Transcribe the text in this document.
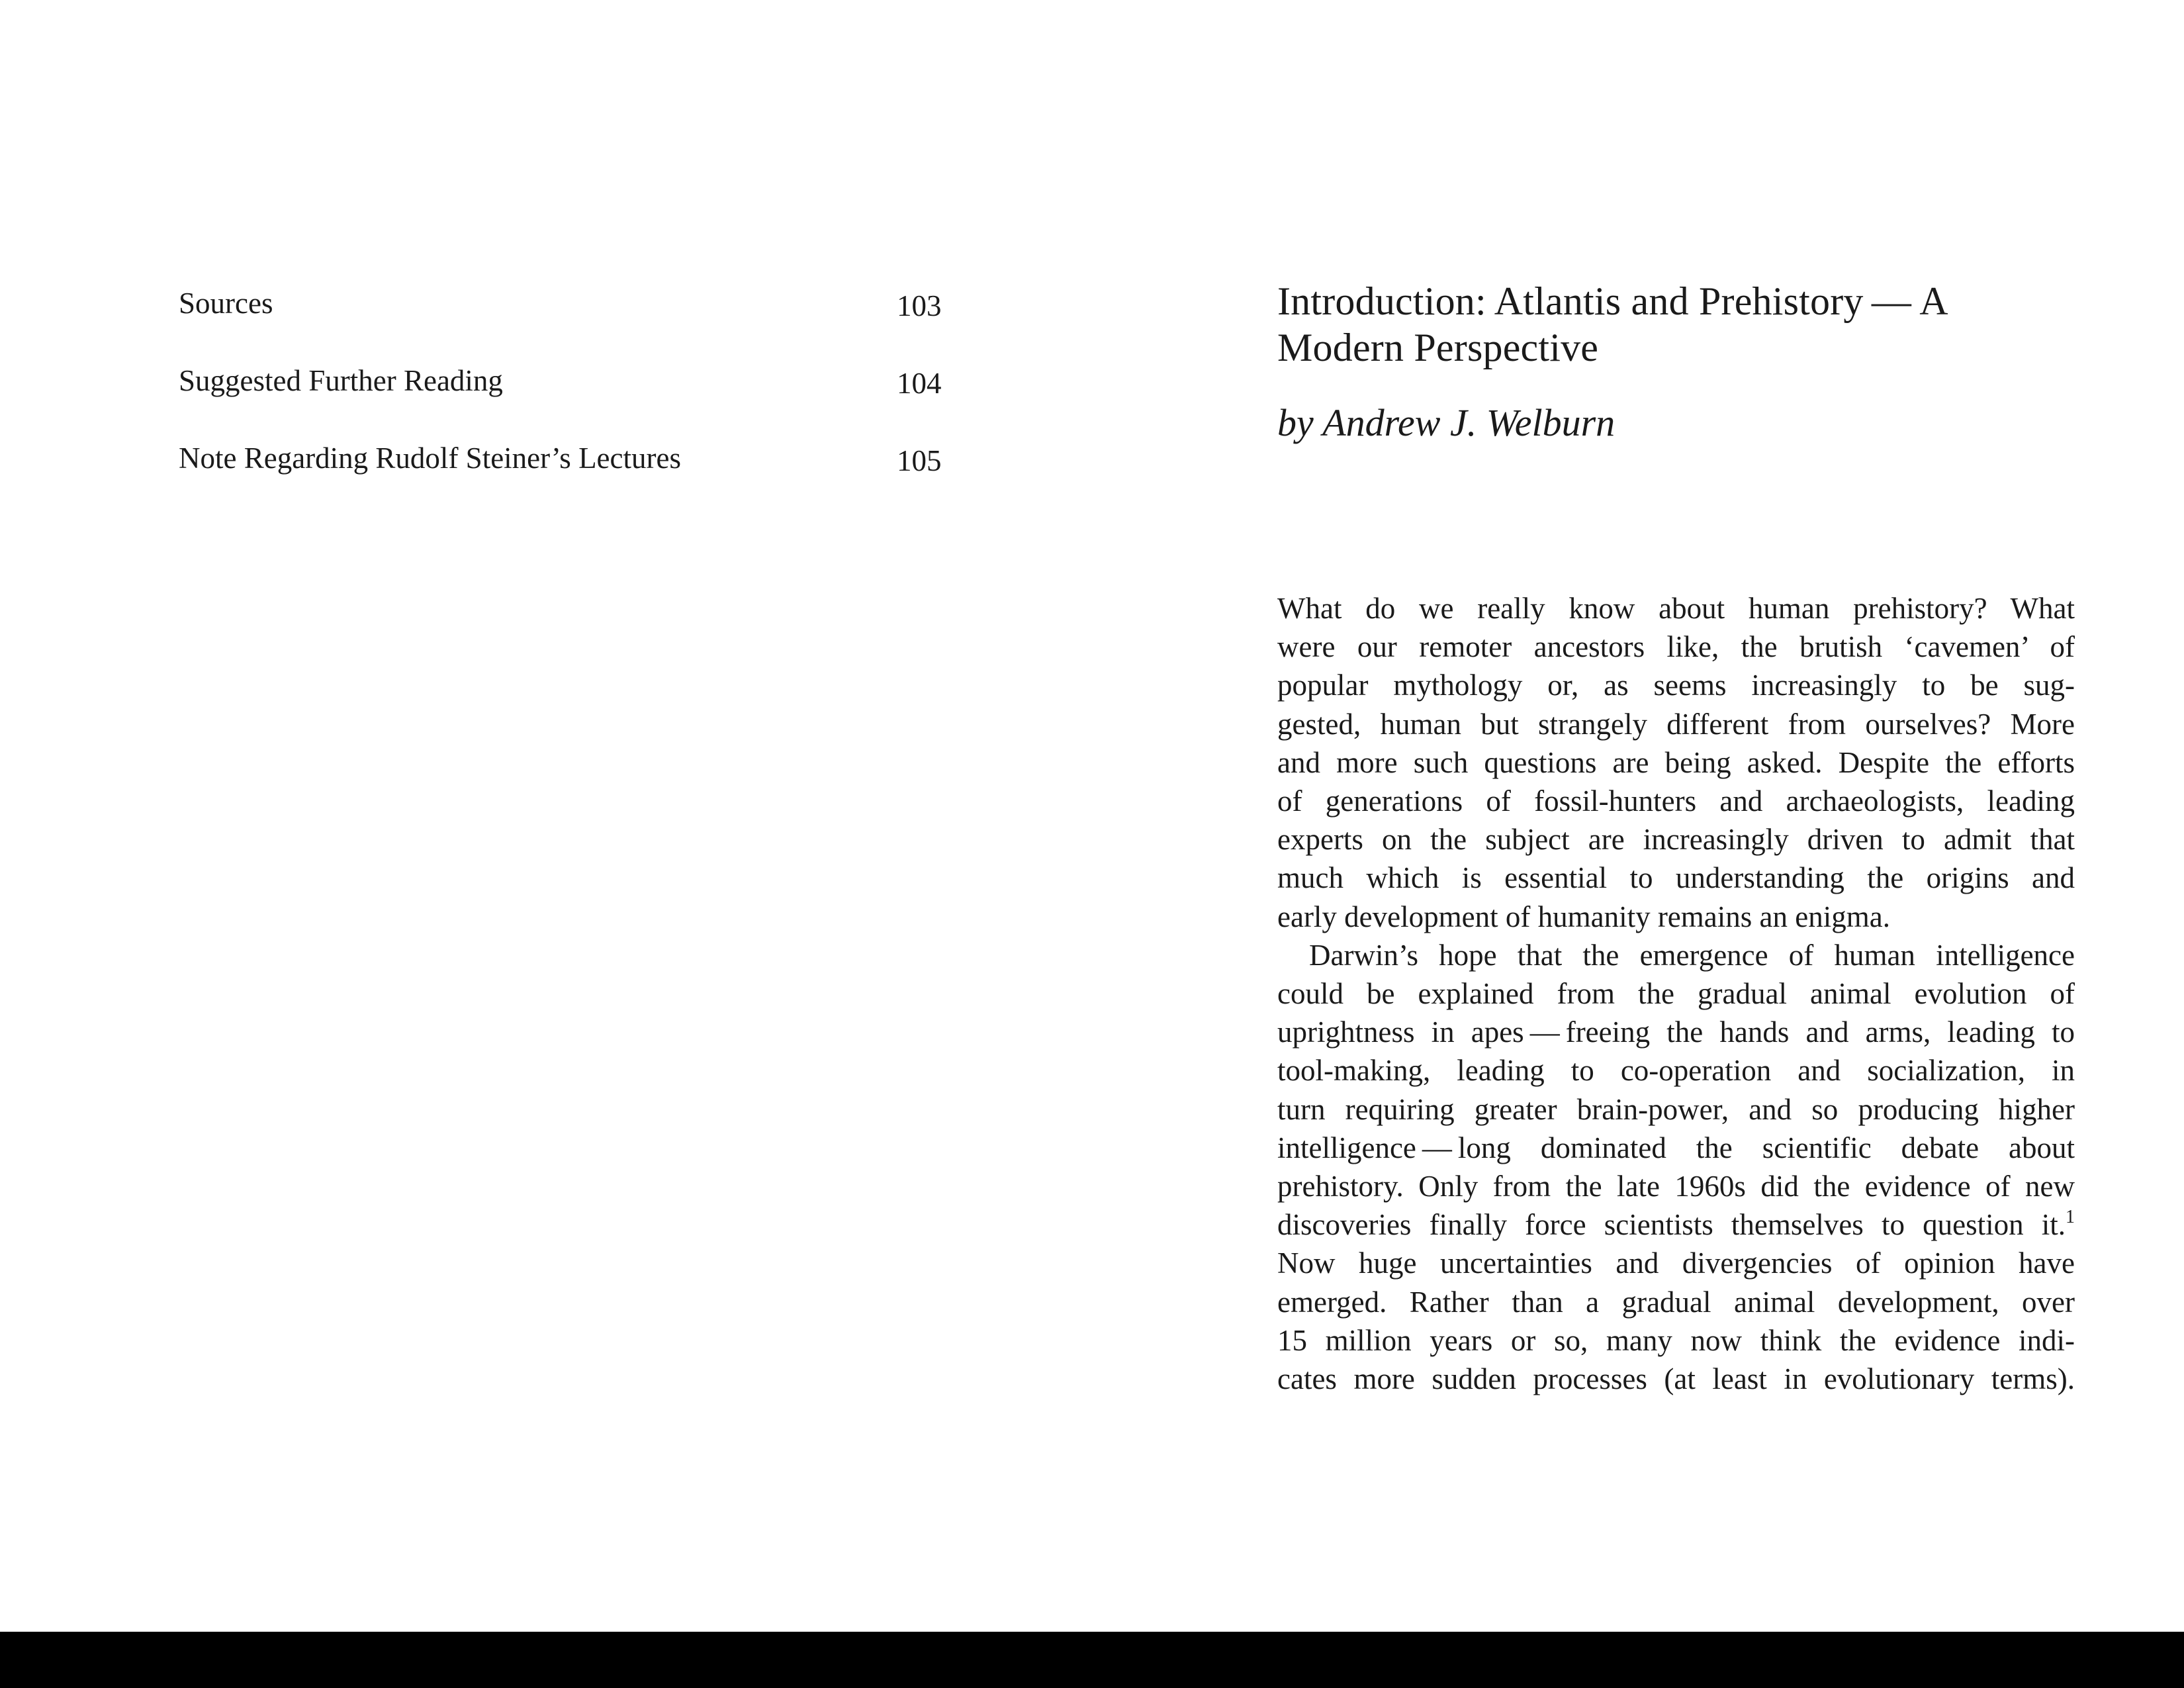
Sources	103
Suggested Further Reading	104
Note Regarding Rudolf Steiner’s Lectures	105
Introduction: Atlantis and Prehistory — A
Modern Perspective
by Andrew J. Welburn
What do we really know about human prehistory? What
were our remoter ancestors like, the brutish ‘cavemen’ of
popular mythology or, as seems increasingly to be sug-
gested, human but strangely different from ourselves? More
and more such questions are being asked. Despite the efforts
of generations of fossil-hunters and archaeologists, leading
experts on the subject are increasingly driven to admit that
much which is essential to understanding the origins and
early development of humanity remains an enigma.
Darwin’s hope that the emergence of human intelligence
could be explained from the gradual animal evolution of
uprightness in apes — freeing the hands and arms, leading to
tool-making, leading to co-operation and socialization, in
turn requiring greater brain-power, and so producing higher
intelligence — long dominated the scientific debate about
prehistory. Only from the late 1960s did the evidence of new
discoveries finally force scientists themselves to question it.$^1$
Now huge uncertainties and divergencies of opinion have
emerged. Rather than a gradual animal development, over
15 million years or so, many now think the evidence indi-
cates more sudden processes (at least in evolutionary terms).
